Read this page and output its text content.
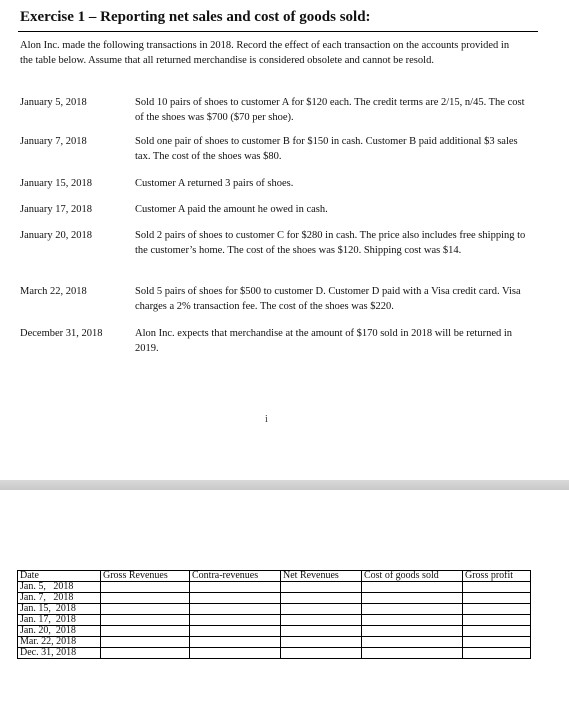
Exercise 1 – Reporting net sales and cost of goods sold:
Alon Inc. made the following transactions in 2018. Record the effect of each transaction on the accounts provided in the table below. Assume that all returned merchandise is considered obsolete and cannot be resold.
January 5, 2018	Sold 10 pairs of shoes to customer A for $120 each. The credit terms are 2/15, n/45. The cost of the shoes was $700 ($70 per shoe).
January 7, 2018	Sold one pair of shoes to customer B for $150 in cash. Customer B paid additional $3 sales tax. The cost of the shoes was $80.
January 15, 2018	Customer A returned 3 pairs of shoes.
January 17, 2018	Customer A paid the amount he owed in cash.
January 20, 2018	Sold 2 pairs of shoes to customer C for $280 in cash. The price also includes free shipping to the customer’s home. The cost of the shoes was $120. Shipping cost was $14.
March 22, 2018	Sold 5 pairs of shoes for $500 to customer D. Customer D paid with a Visa credit card. Visa charges a 2% transaction fee. The cost of the shoes was $220.
December 31, 2018	Alon Inc. expects that merchandise at the amount of $170 sold in 2018 will be returned in 2019.
i
Date	Gross Revenues	Contra-revenues	Net Revenues	Cost of goods sold	Gross profit
Jan. 5,   2018					
Jan. 7,   2018					
Jan. 15,  2018					
Jan. 17,  2018					
Jan. 20,  2018					
Mar. 22, 2018					
Dec. 31, 2018					
